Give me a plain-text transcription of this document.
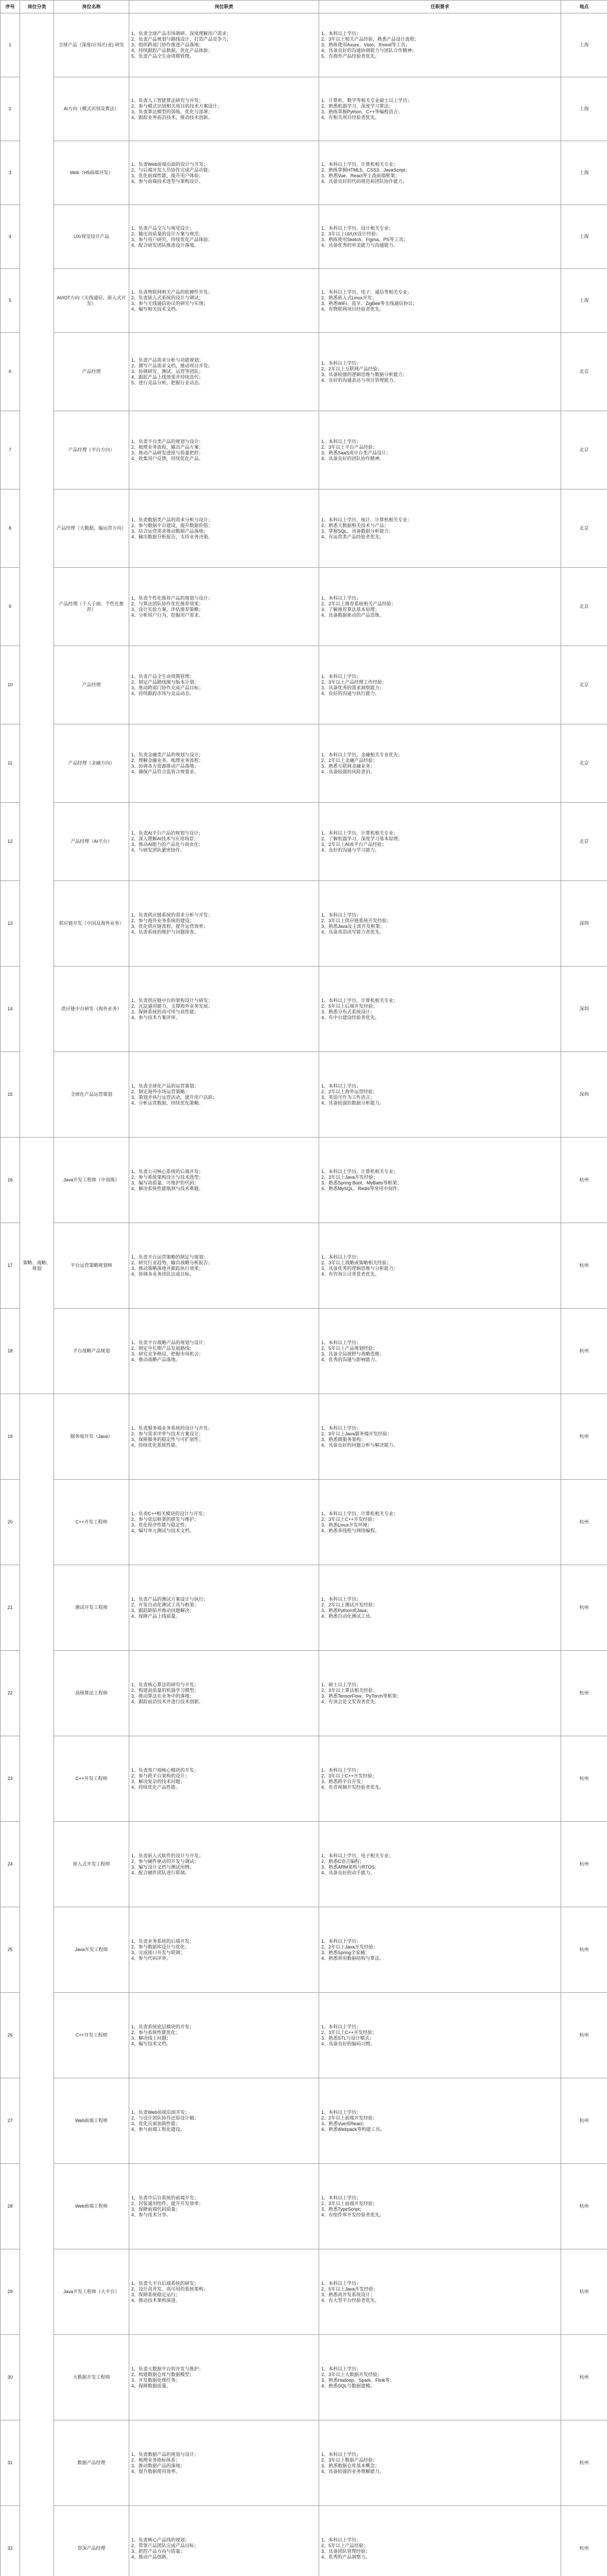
序号	岗位分类	岗位名称	岗位职责	任职要求	地点
1		全球产品（深度/应用/行业) 研发	1、负责全球产品市场调研、深度理解用户需求；
2、负责产品规划与路线设计，打造产品竞争力；
3、组织跨部门协作推进产品落地；
4、持续跟踪产品数据，优化产品体验；
5、负责产品全生命周期管理。	1、本科以上学历；
2、3年以上相关产品经验，熟悉产品设计流程；
3、熟练使用Axure、Visio、Xmind等工具；
4、具备良好的沟通协调能力与团队合作精神；
5、有海外产品经验者优先。	上海
2		AI方向（模式识别及算法）	1、负责人工智能算法研究与开发；
2、参与模式识别相关项目的技术方案设计；
3、负责算法模型的训练、优化与部署；
4、跟踪业界前沿技术，推动技术创新。	1、计算机、数学等相关专业硕士以上学历；
2、熟悉机器学习、深度学习算法；
3、熟练掌握Python、C++等编程语言；
4、有相关项目经验者优先。	上海
3		Web（H5前端开发）	1、负责Web前端页面的设计与开发；
2、与后端开发人员协作完成产品功能；
3、优化前端性能，提升用户体验；
4、参与前端技术选型与架构设计。	1、本科以上学历，计算机相关专业；
2、熟练掌握HTML5、CSS3、JavaScript；
3、熟悉Vue、React等主流前端框架；
4、具备良好的代码规范和团队协作能力。	上海
4		UX/视觉设计产品	1、负责产品交互与视觉设计；
2、输出高质量的设计方案与规范；
3、参与用户研究，持续优化产品体验；
4、配合研发团队推进设计落地。	1、本科以上学历，设计相关专业；
2、3年以上UI/UX设计经验；
3、熟练使用Sketch、Figma、PS等工具；
4、具备优秀的审美能力与沟通能力。	上海
5		AI/IOT方向（无线通信、嵌入式开发）	1、负责物联网相关产品的软硬件开发；
2、负责嵌入式系统的设计与调试；
3、参与无线通信协议的研究与实现；
4、编写相关技术文档。	1、本科以上学历，电子、通信等相关专业；
2、熟悉嵌入式Linux开发；
3、熟悉WiFi、蓝牙、ZigBee等无线通信协议；
4、有物联网项目经验者优先。	上海
6		产品经理	1、负责产品需求分析与功能规划；
2、撰写产品需求文档，推动项目开发；
3、协调研发、测试、运营等团队；
4、跟踪产品上线效果并持续迭代；
5、进行竞品分析，把握行业动态。	1、本科以上学历；
2、2年以上互联网产品经验；
3、具备较强的逻辑思维与数据分析能力；
4、良好的沟通表达与项目管理能力。	北京
7		产品经理（平台方向）	1、负责平台类产品的规划与设计；
2、梳理业务流程，输出产品方案；
3、推动产品研发进度与质量把控；
4、收集用户反馈，持续优化产品。	1、本科以上学历；
2、3年以上平台产品经验；
3、熟悉SaaS或中台类产品设计；
4、具备良好的团队协作精神。	北京
8		产品经理（大数据，偏运营方向）	1、负责数据类产品的需求分析与设计；
2、参与数据平台建设，提升数据价值；
3、结合运营需求推动数据产品落地；
4、输出数据分析报告，支持业务决策。	1、本科以上学历，统计、计算机相关专业；
2、熟悉大数据相关技术与产品；
3、掌握SQL，具备数据分析能力；
4、有运营类产品经验者优先。	北京
9		产品经理（千人千面、个性化推荐）	1、负责个性化推荐产品的规划与设计；
2、与算法团队协作优化推荐效果；
3、设计实验方案，评估推荐策略；
4、分析用户行为，挖掘用户需求。	1、本科以上学历；
2、2年以上推荐系统相关产品经验；
3、了解推荐算法基本原理；
4、具备数据驱动的产品思维。	北京
10		产品经理	1、负责产品全生命周期管理；
2、制定产品路线图与版本计划；
3、推动跨部门协作完成产品目标；
4、持续跟踪市场与竞品动态。	1、本科以上学历；
2、3年以上产品经理工作经验；
3、具备优秀的需求洞察能力；
4、良好的沟通与执行能力。	北京
11		产品经理（金融方向）	1、负责金融类产品的规划与设计；
2、理解金融业务，梳理业务流程；
3、协调各方资源推动产品落地；
4、确保产品符合监管合规要求。	1、本科以上学历，金融相关专业优先；
2、2年以上金融产品经验；
3、熟悉互联网金融业务；
4、具备较强的风险意识。	北京
12		产品经理（AI平台）	1、负责AI平台产品的规划与设计；
2、深入理解AI技术与应用场景；
3、推动AI能力的产品化与商业化；
4、与研发团队紧密协作。	1、本科以上学历，计算机相关专业；
2、了解机器学习、深度学习基本原理；
3、2年以上AI或平台产品经验；
4、良好的沟通与学习能力。	北京
13		供应链开发（中国及海外业务）	1、负责供应链系统的需求分析与开发；
2、参与海外业务系统的建设；
3、优化供应链流程，提升运营效率；
4、负责系统的维护与问题排查。	1、本科以上学历；
2、3年以上供应链系统开发经验；
3、熟悉Java及主流开发框架；
4、具备英语读写能力者优先。	深圳
14		供应链中台研发（海外业务）	1、负责供应链中台的架构设计与研发；
2、沉淀通用能力，支撑海外业务发展；
3、保障系统的高可用与高性能；
4、参与技术方案评审。	1、本科以上学历，计算机相关专业；
2、5年以上后端开发经验；
3、熟悉分布式系统设计；
4、有中台建设经验者优先。	深圳
15		全球化产品运营策划	1、负责全球化产品的运营策划；
2、制定海外市场运营策略；
3、策划并执行运营活动，提升用户活跃；
4、分析运营数据，持续优化策略。	1、本科以上学历；
2、2年以上海外运营经验；
3、英语可作为工作语言；
4、具备较强的数据分析能力。	深圳
16	策略、战略、规划	Java开发工程师（中高级）	1、负责公司核心系统的后端开发；
2、参与系统架构设计与技术选型；
3、编写高质量、可维护的代码；
4、解决系统性能瓶颈与技术难题。	1、本科以上学历，计算机相关专业；
2、3年以上Java开发经验；
3、熟悉Spring Boot、MyBatis等框架；
4、熟悉MySQL、Redis等常用中间件。	杭州
17		平台运营策略规划师	1、负责平台运营策略的制定与规划；
2、研究行业趋势，输出战略分析报告；
3、推动策略落地并跟踪执行效果；
4、协调各业务团队达成目标。	1、本科以上学历；
2、3年以上战略或策略相关经验；
3、具备优秀的逻辑思维与分析能力；
4、有咨询公司背景者优先。	杭州
18		平台战略产品规划	1、负责平台战略产品的规划与设计；
2、制定中长期产品发展路线；
3、研究竞争格局，把握市场机会；
4、推动战略产品落地。	1、本科以上学历；
2、5年以上产品规划经验；
3、具备全局视野与战略思维；
4、优秀的沟通与影响能力。	杭州
19		服务端开发（Java）	1、负责服务端业务系统的设计与开发；
2、参与需求评审与技术方案设计；
3、保障服务的稳定性与可扩展性；
4、持续优化系统性能。	1、本科以上学历；
2、3年以上Java服务端开发经验；
3、熟悉微服务架构；
4、具备良好的问题分析与解决能力。	杭州
20		C++开发工程师	1、负责C++相关模块的设计与开发；
2、参与底层框架的研发与维护；
3、优化程序性能与稳定性；
4、编写单元测试与技术文档。	1、本科以上学历，计算机相关专业；
2、3年以上C++开发经验；
3、熟悉Linux开发环境；
4、熟悉多线程与网络编程。	杭州
21		测试开发工程师	1、负责产品的测试方案设计与执行；
2、开发自动化测试工具与框架；
3、跟踪缺陷并推动问题解决；
4、保障产品上线质量。	1、本科以上学历；
2、2年以上测试开发经验；
3、熟悉Python或Java；
4、熟悉自动化测试工具。	杭州
22		高级算法工程师	1、负责核心算法的研究与开发；
2、构建高质量的机器学习模型；
3、推动算法在业务中的落地；
4、跟踪前沿技术并进行技术创新。	1、硕士以上学历；
2、3年以上算法相关经验；
3、熟悉TensorFlow、PyTorch等框架；
4、有顶会论文发表者优先。	杭州
23		C++开发工程师	1、负责客户端核心模块的开发；
2、参与跨平台架构的设计；
3、解决复杂的技术问题；
4、持续优化产品性能。	1、本科以上学历；
2、3年以上C++开发经验；
3、熟悉跨平台开发；
4、有音视频开发经验者优先。	杭州
24		嵌入式开发工程师	1、负责嵌入式软件的设计与开发；
2、参与硬件驱动的开发与调试；
3、编写设计文档与测试用例；
4、配合硬件团队进行联调。	1、本科以上学历，电子相关专业；
2、熟悉C语言编程；
3、熟悉ARM架构与RTOS；
4、具备良好的动手能力。	杭州
25		Java开发工程师	1、负责业务系统的后端开发；
2、参与数据库设计与优化；
3、完成接口开发与联调；
4、参与代码评审。	1、本科以上学历；
2、2年以上Java开发经验；
3、熟悉Spring全家桶；
4、熟悉常用数据结构与算法。	杭州
26		C++开发工程师	1、负责系统底层模块的开发；
2、参与系统性能优化；
3、解决线上问题；
4、编写技术文档。	1、本科以上学历；
2、3年以上C++开发经验；
3、熟悉STL与设计模式；
4、具备良好的编码习惯。	杭州
27		Web前端工程师	1、负责Web前端页面开发；
2、与设计团队协作还原设计稿；
3、优化页面加载性能；
4、参与前端工程化建设。	1、本科以上学历；
2、2年以上前端开发经验；
3、熟悉Vue或React；
4、熟悉Webpack等构建工具。	杭州
28		Web前端工程师	1、负责中后台系统的前端开发；
2、封装通用组件，提升开发效率；
3、保障前端代码质量；
4、参与技术分享。	1、本科以上学历；
2、3年以上前端开发经验；
3、熟悉TypeScript；
4、有组件库开发经验者优先。	杭州
29		Java开发工程师（大平台）	1、负责大平台后端系统的研发；
2、设计高并发、高可用的系统架构；
3、保障系统稳定运行；
4、推动技术架构演进。	1、本科以上学历；
2、5年以上Java开发经验；
3、熟悉高并发系统设计；
4、有大型平台经验者优先。	杭州
30		大数据开发工程师	1、负责大数据平台的开发与维护；
2、构建数据仓库与数据模型；
3、开发数据处理任务；
4、保障数据质量。	1、本科以上学历；
2、3年以上大数据开发经验；
3、熟悉Hadoop、Spark、Flink等；
4、熟悉SQL与数据建模。	杭州
31		数据产品经理	1、负责数据产品的规划与设计；
2、梳理业务指标体系；
3、推动数据产品的落地；
4、提升数据使用效率。	1、本科以上学历；
2、3年以上数据产品经验；
3、熟悉数据仓库基本概念；
4、具备较强的业务理解能力。	杭州
32		资深产品经理	1、负责核心产品线的规划；
2、带领产品团队完成产品目标；
3、把控产品方向与质量；
4、推动产品创新。	1、本科以上学历；
2、5年以上产品经验；
3、具备团队管理经验；
4、优秀的产品洞察力。	杭州
